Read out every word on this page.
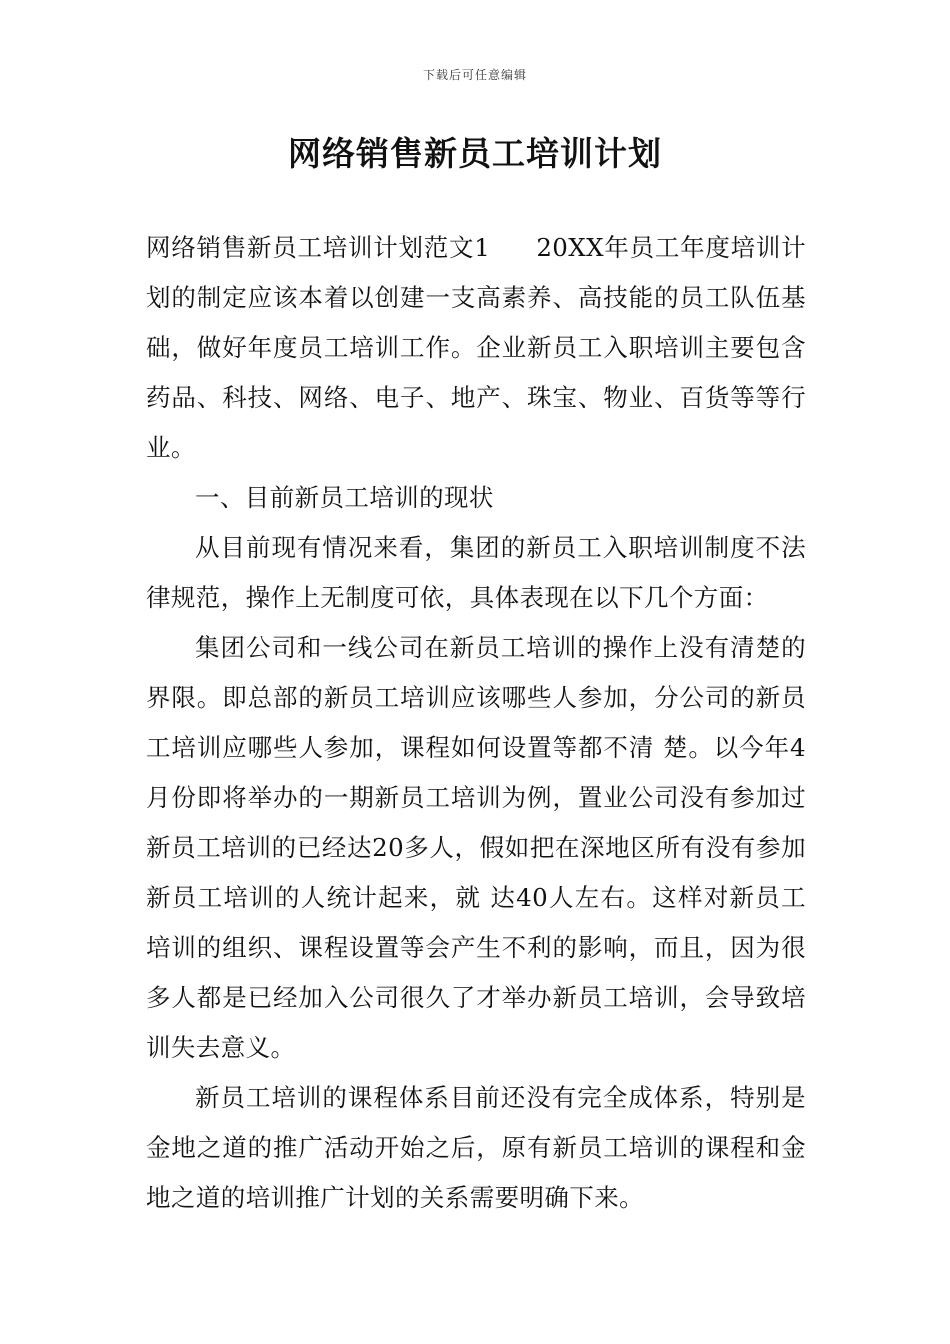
下载后可任意编辑
网络销售新员工培训计划

网络销售新员工培训计划范文1 20XX年员工年度培训计划的制定应该本着以创建一支高素养、高技能的员工队伍基础，做好年度员工培训工作。企业新员工入职培训主要包含药品、科技、网络、电子、地产、珠宝、物业、百货等等行业。

一、目前新员工培训的现状

从目前现有情况来看，集团的新员工入职培训制度不法律规范，操作上无制度可依，具体表现在以下几个方面：

集团公司和一线公司在新员工培训的操作上没有清楚的界限。即总部的新员工培训应该哪些人参加，分公司的新员工培训应哪些人参加，课程如何设置等都不清 楚。以今年4月份即将举办的一期新员工培训为例，置业公司没有参加过新员工培训的已经达20多人，假如把在深地区所有没有参加新员工培训的人统计起来，就 达40人左右。这样对新员工培训的组织、课程设置等会产生不利的影响，而且，因为很多人都是已经加入公司很久了才举办新员工培训，会导致培训失去意义。

新员工培训的课程体系目前还没有完全成体系，特别是金地之道的推广活动开始之后，原有新员工培训的课程和金地之道的培训推广计划的关系需要明确下来。
